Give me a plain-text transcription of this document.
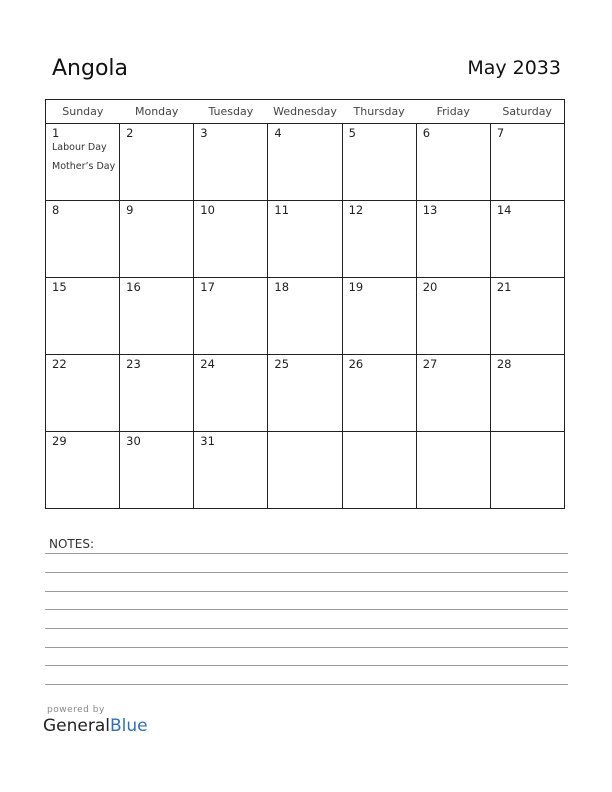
Angola	May 2033
Sunday	Monday	Tuesday	Wednesday	Thursday	Friday	Saturday

1
Labour Day
Mother’s Day	2	3	4	5	6	7

8	9	10	11	12	13	14

15	16	17	18	19	20	21

22	23	24	25	26	27	28

29	30	31				

NOTES:
powered by
GeneralBlue
